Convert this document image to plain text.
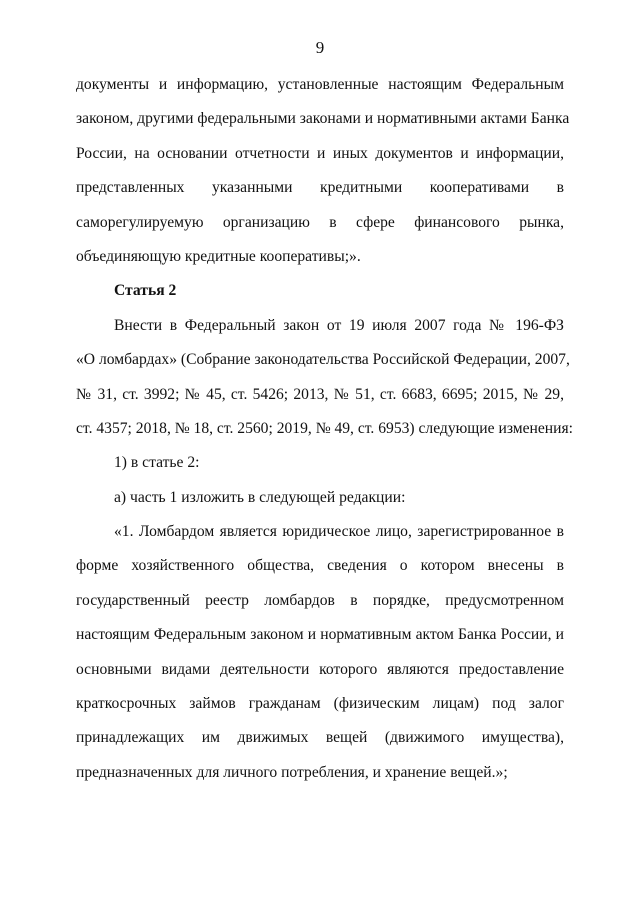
9
документы и информацию, установленные настоящим Федеральным
законом, другими федеральными законами и нормативными актами Банка
России, на основании отчетности и иных документов и информации,
представленных указанными кредитными кооперативами в
саморегулируемую организацию в сфере финансового рынка,
объединяющую кредитные кооперативы;».
Статья 2
Внести в Федеральный закон от 19 июля 2007 года № 196-ФЗ
«О ломбардах» (Собрание законодательства Российской Федерации, 2007,
№ 31, ст. 3992; № 45, ст. 5426; 2013, № 51, ст. 6683, 6695; 2015, № 29,
ст. 4357; 2018, № 18, ст. 2560; 2019, № 49, ст. 6953) следующие изменения:
1) в статье 2:
а) часть 1 изложить в следующей редакции:
«1. Ломбардом является юридическое лицо, зарегистрированное в
форме хозяйственного общества, сведения о котором внесены в
государственный реестр ломбардов в порядке, предусмотренном
настоящим Федеральным законом и нормативным актом Банка России, и
основными видами деятельности которого являются предоставление
краткосрочных займов гражданам (физическим лицам) под залог
принадлежащих им движимых вещей (движимого имущества),
предназначенных для личного потребления, и хранение вещей.»;
